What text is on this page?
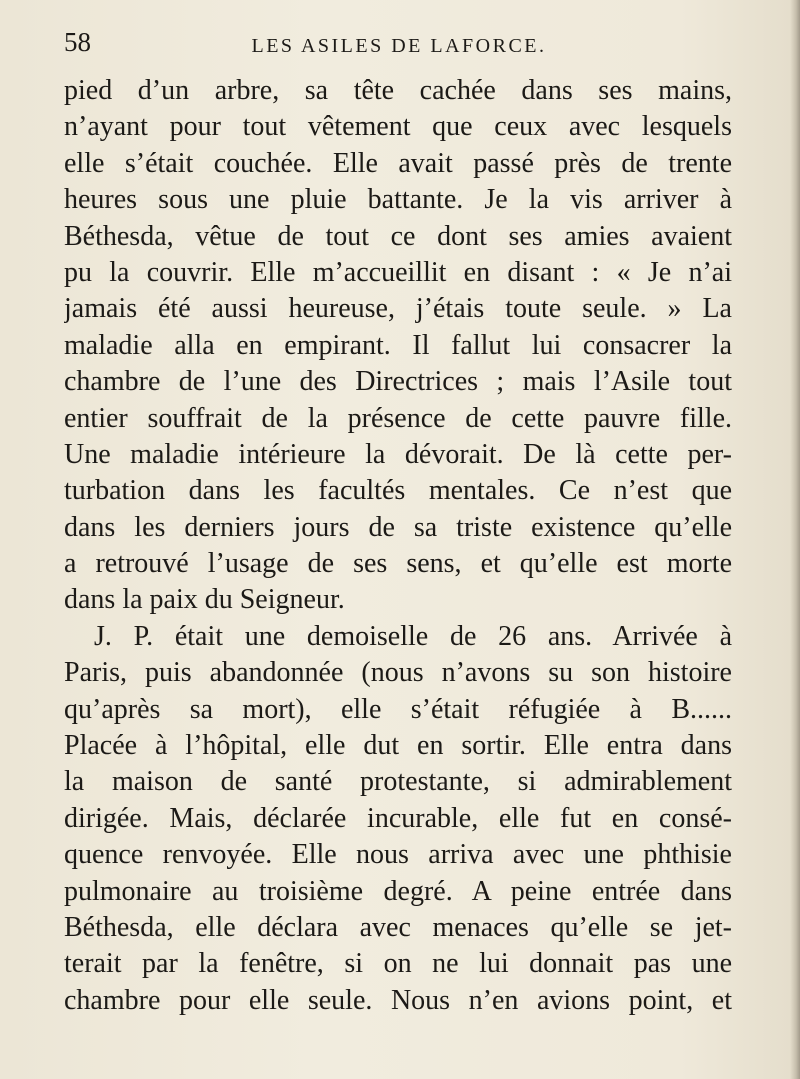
58	LES ASILES DE LAFORCE.
pied d’un arbre, sa tête cachée dans ses mains,
n’ayant pour tout vêtement que ceux avec lesquels
elle s’était couchée. Elle avait passé près de trente
heures sous une pluie battante. Je la vis arriver à
Béthesda, vêtue de tout ce dont ses amies avaient
pu la couvrir. Elle m’accueillit en disant : « Je n’ai
jamais été aussi heureuse, j’étais toute seule. » La
maladie alla en empirant. Il fallut lui consacrer la
chambre de l’une des Directrices ; mais l’Asile tout
entier souffrait de la présence de cette pauvre fille.
Une maladie intérieure la dévorait. De là cette per-
turbation dans les facultés mentales. Ce n’est que
dans les derniers jours de sa triste existence qu’elle
a retrouvé l’usage de ses sens, et qu’elle est morte
dans la paix du Seigneur.
J. P. était une demoiselle de 26 ans. Arrivée à
Paris, puis abandonnée (nous n’avons su son histoire
qu’après sa mort), elle s’était réfugiée à B......
Placée à l’hôpital, elle dut en sortir. Elle entra dans
la maison de santé protestante, si admirablement
dirigée. Mais, déclarée incurable, elle fut en consé-
quence renvoyée. Elle nous arriva avec une phthisie
pulmonaire au troisième degré. A peine entrée dans
Béthesda, elle déclara avec menaces qu’elle se jet-
terait par la fenêtre, si on ne lui donnait pas une
chambre pour elle seule. Nous n’en avions point, et
